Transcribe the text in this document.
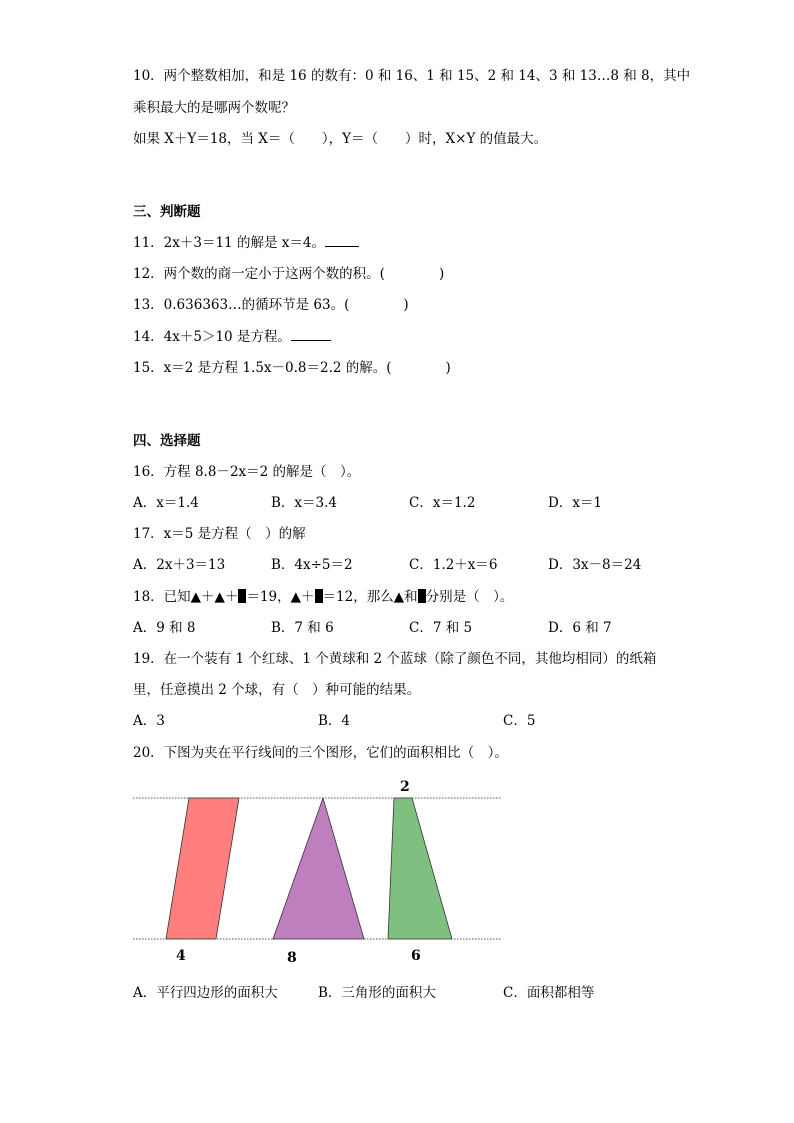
10．两个整数相加，和是 16 的数有：0 和 16、1 和 15、2 和 14、3 和 13…8 和 8，其中
乘积最大的是哪两个数呢？
如果 X＋Y＝18，当 X＝（　　），Y＝（　　）时，X×Y 的值最大。
三、判断题
11．2x＋3＝11 的解是 x＝4。
12．两个数的商一定小于这两个数的积。(　　　　)
13．0.636363…的循环节是 63。(　　　　)
14．4x＋5＞10 是方程。
15．x＝2 是方程 1.5x－0.8＝2.2 的解。(　　　　)
四、选择题
16．方程 8.8－2x＝2 的解是（　）。
A．x＝1.4	B．x＝3.4	C．x＝1.2	D．x＝1
17．x＝5 是方程（　）的解
A．2x＋3＝13	B．4x÷5＝2	C．1.2＋x＝6	D．3x－8＝24
18．已知▲＋▲＋ ＝19，▲＋ ＝12，那么▲和 分别是（　）。
A．9 和 8	B．7 和 6	C．7 和 5	D．6 和 7
19．在一个装有 1 个红球、1 个黄球和 2 个蓝球（除了颜色不同，其他均相同）的纸箱
里，任意摸出 2 个球，有（　）种可能的结果。
A．3	B．4	C．5
20．下图为夹在平行线间的三个图形，它们的面积相比（　）。
2
4	8	6
A．平行四边形的面积大	B．三角形的面积大	C．面积都相等
